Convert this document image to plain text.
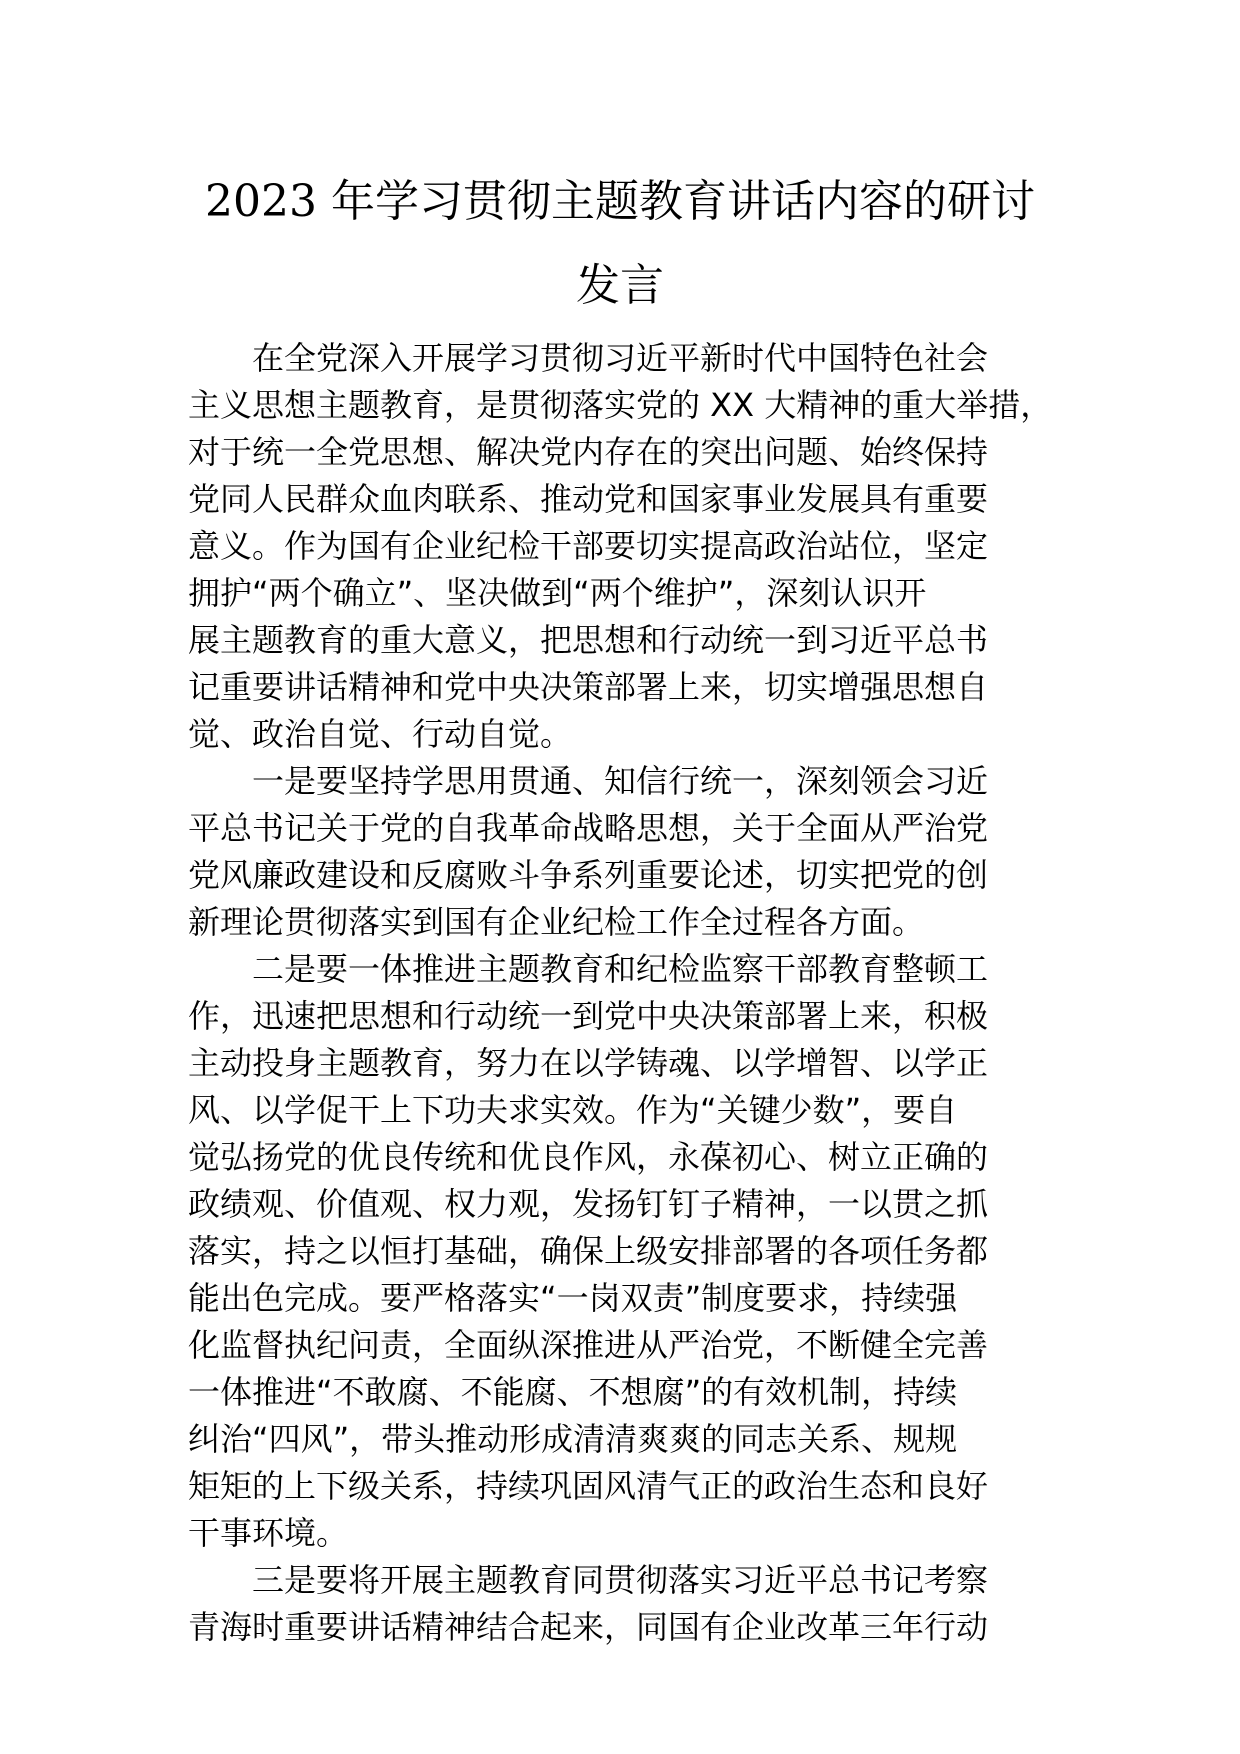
2023 年学习贯彻主题教育讲话内容的研讨
发言
在全党深入开展学习贯彻习近平新时代中国特色社会
主义思想主题教育，是贯彻落实党的 XX 大精神的重大举措，
对于统一全党思想、解决党内存在的突出问题、始终保持
党同人民群众血肉联系、推动党和国家事业发展具有重要
意义。作为国有企业纪检干部要切实提高政治站位，坚定
拥护“两个确立”、坚决做到“两个维护”，深刻认识开
展主题教育的重大意义，把思想和行动统一到习近平总书
记重要讲话精神和党中央决策部署上来，切实增强思想自
觉、政治自觉、行动自觉。
一是要坚持学思用贯通、知信行统一，深刻领会习近
平总书记关于党的自我革命战略思想，关于全面从严治党
党风廉政建设和反腐败斗争系列重要论述，切实把党的创
新理论贯彻落实到国有企业纪检工作全过程各方面。
二是要一体推进主题教育和纪检监察干部教育整顿工
作，迅速把思想和行动统一到党中央决策部署上来，积极
主动投身主题教育，努力在以学铸魂、以学增智、以学正
风、以学促干上下功夫求实效。作为“关键少数”，要自
觉弘扬党的优良传统和优良作风，永葆初心、树立正确的
政绩观、价值观、权力观，发扬钉钉子精神，一以贯之抓
落实，持之以恒打基础，确保上级安排部署的各项任务都
能出色完成。要严格落实“一岗双责”制度要求，持续强
化监督执纪问责，全面纵深推进从严治党，不断健全完善
一体推进“不敢腐、不能腐、不想腐”的有效机制，持续
纠治“四风”，带头推动形成清清爽爽的同志关系、规规
矩矩的上下级关系，持续巩固风清气正的政治生态和良好
干事环境。
三是要将开展主题教育同贯彻落实习近平总书记考察
青海时重要讲话精神结合起来，同国有企业改革三年行动
